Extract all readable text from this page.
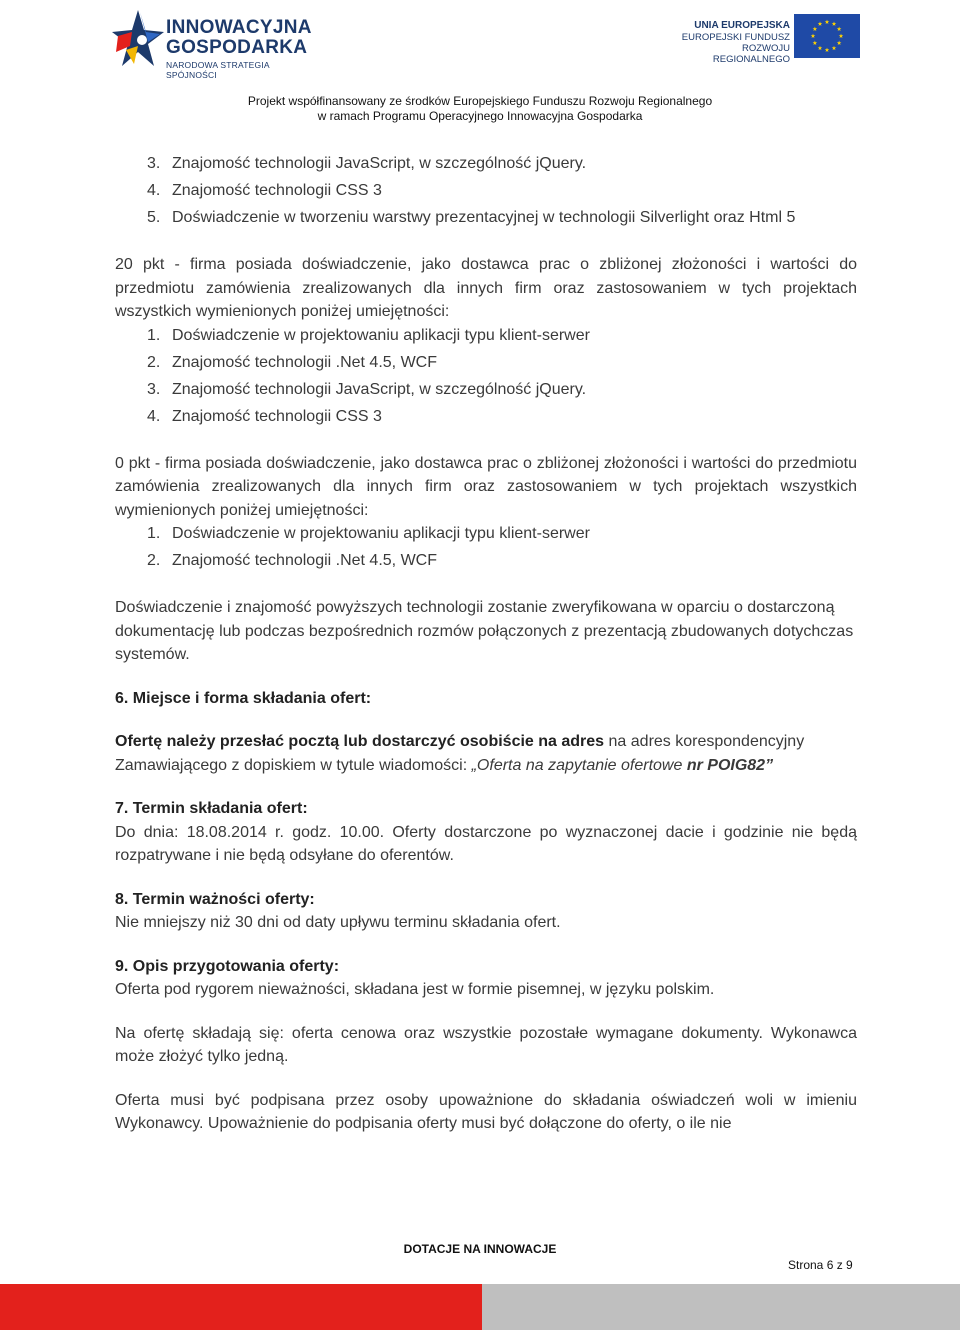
INNOWACYJNA
GOSPODARKA
NARODOWA STRATEGIA SPÓJNOŚCI
UNIA EUROPEJSKA
EUROPEJSKI FUNDUSZ
ROZWOJU REGIONALNEGO
Projekt współfinansowany ze środków Europejskiego Funduszu Rozwoju Regionalnego
w ramach Programu Operacyjnego Innowacyjna Gospodarka
3. Znajomość technologii JavaScript, w szczególność jQuery.
4. Znajomość technologii CSS 3
5. Doświadczenie w tworzeniu warstwy prezentacyjnej w technologii Silverlight oraz Html 5

20 pkt - firma posiada doświadczenie, jako dostawca prac o zbliżonej złożoności i wartości do przedmiotu zamówienia zrealizowanych dla innych firm oraz zastosowaniem w tych projektach wszystkich wymienionych poniżej umiejętności:

1. Doświadczenie w projektowaniu aplikacji typu klient-serwer
2. Znajomość technologii .Net 4.5, WCF
3. Znajomość technologii JavaScript, w szczególność jQuery.
4. Znajomość technologii CSS 3

0 pkt - firma posiada doświadczenie, jako dostawca prac o zbliżonej złożoności i wartości do przedmiotu zamówienia zrealizowanych dla innych firm oraz zastosowaniem w tych projektach wszystkich wymienionych poniżej umiejętności:

1. Doświadczenie w projektowaniu aplikacji typu klient-serwer
2. Znajomość technologii .Net 4.5, WCF

Doświadczenie i znajomość powyższych technologii zostanie zweryfikowana w oparciu o dostarczoną dokumentację lub podczas bezpośrednich rozmów połączonych z prezentacją zbudowanych dotychczas systemów.

6. Miejsce i forma składania ofert:

Ofertę należy przesłać pocztą lub dostarczyć osobiście na adres na adres korespondencyjny Zamawiającego z dopiskiem w tytule wiadomości: „Oferta na zapytanie ofertowe nr POIG82”

7. Termin składania ofert:

Do dnia: 18.08.2014 r. godz. 10.00. Oferty dostarczone po wyznaczonej dacie i godzinie nie będą rozpatrywane i nie będą odsyłane do oferentów.

8. Termin ważności oferty:

Nie mniejszy niż 30 dni od daty upływu terminu składania ofert.

9. Opis przygotowania oferty:

Oferta pod rygorem nieważności, składana jest w formie pisemnej, w języku polskim.

Na ofertę składają się: oferta cenowa oraz wszystkie pozostałe wymagane dokumenty. Wykonawca może złożyć tylko jedną.

Oferta musi być podpisana przez osoby upoważnione do składania oświadczeń woli w imieniu Wykonawcy. Upoważnienie do podpisania oferty musi być dołączone do oferty, o ile nie

DOTACJE NA INNOWACJE
Strona 6 z 9
